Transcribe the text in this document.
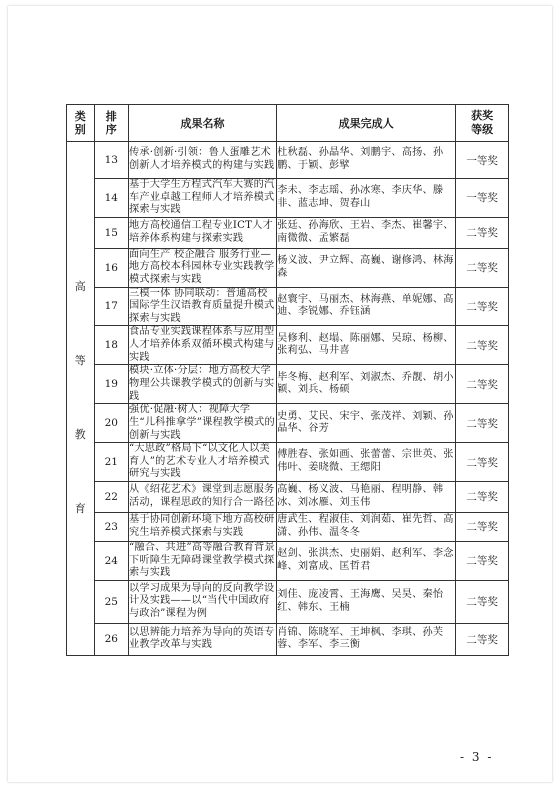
类别	排序	成果名称	成果完成人	获奖等级

高
等
教
育	13	传承·创新·引领：鲁人蛋雕艺术创新人才培养模式的构建与实践	杜秋磊、孙晶华、刘鹏宇、高扬、孙鹏、于颖、彭擘	一等奖
	14	基于大学生方程式汽车大赛的汽车产业卓越工程师人才培养模式探索与实践	李未、李志瑶、孙冰寒、李庆华、滕非、蓝志坤、贺春山	一等奖
	15	地方高校通信工程专业ICT人才培养体系构建与探索实践	张廷、孙海欣、王岩、李杰、崔馨宇、南微微、孟繁磊	二等奖
	16	面向生产 校企融合 服务行业—地方高校本科园林专业实践教学模式探索与实践	杨义波、尹立辉、高巍、谢修鸿、林海森	二等奖
	17	三模一体 协同联动：普通高校国际学生汉语教育质量提升模式探索与实践	赵寰宇、马丽杰、林海燕、单妮娜、高迪、李锐娜、乔钰涵	二等奖
	18	食品专业实践课程体系与应用型人才培养体系双循环模式构建与实践	吴修利、赵塌、陈丽娜、吴琼、杨柳、张莉弘、马井喜	二等奖
	19	模块·立体·分层：地方高校大学物理公共课教学模式的创新与实践	毕冬梅、赵利军、刘淑杰、乔靓、胡小颖、刘兵、杨硕	二等奖
	20	强优·促融·树人：视障大学生“儿科推拿学”课程教学模式的创新与实践	史勇、艾民、宋宇、张茂祥、刘颖、孙晶华、谷芳	二等奖
	21	“大思政”格局下“以文化人以美育人”的艺术专业人才培养模式研究与实践	傅胜春、张如画、张蕾蕾、宗世英、张伟叶、姜晓微、王缌阳	二等奖
	22	从《绍花艺术》课堂到志愿服务活动，课程思政的知行合一路径	高巍、杨义波、马艳丽、程明静、韩冰、刘冰雁、刘玉伟	二等奖
	23	基于协同创新环境下地方高校研究生培养模式探索与实践	唐武生、程淑佳、刘润茹、崔先哲、高潇、孙伟、温冬冬	二等奖
	24	“融合、共进”高等融合教育背景下听障生无障碍课堂教学模式探索与实践	赵剑、张洪杰、史丽娟、赵利军、李念峰、刘富成、匡哲君	二等奖
	25	以学习成果为导向的反向教学设计及实践——以“当代中国政府与政治”课程为例	刘佳、庞凌霄、王海鹰、吴昊、秦怡红、韩东、王楠	二等奖
	26	以思辨能力培养为导向的英语专业教学改革与实践	肖锦、陈晓军、王坤枫、李琪、孙芙蓉、李军、李三衡	二等奖
- 3 -
